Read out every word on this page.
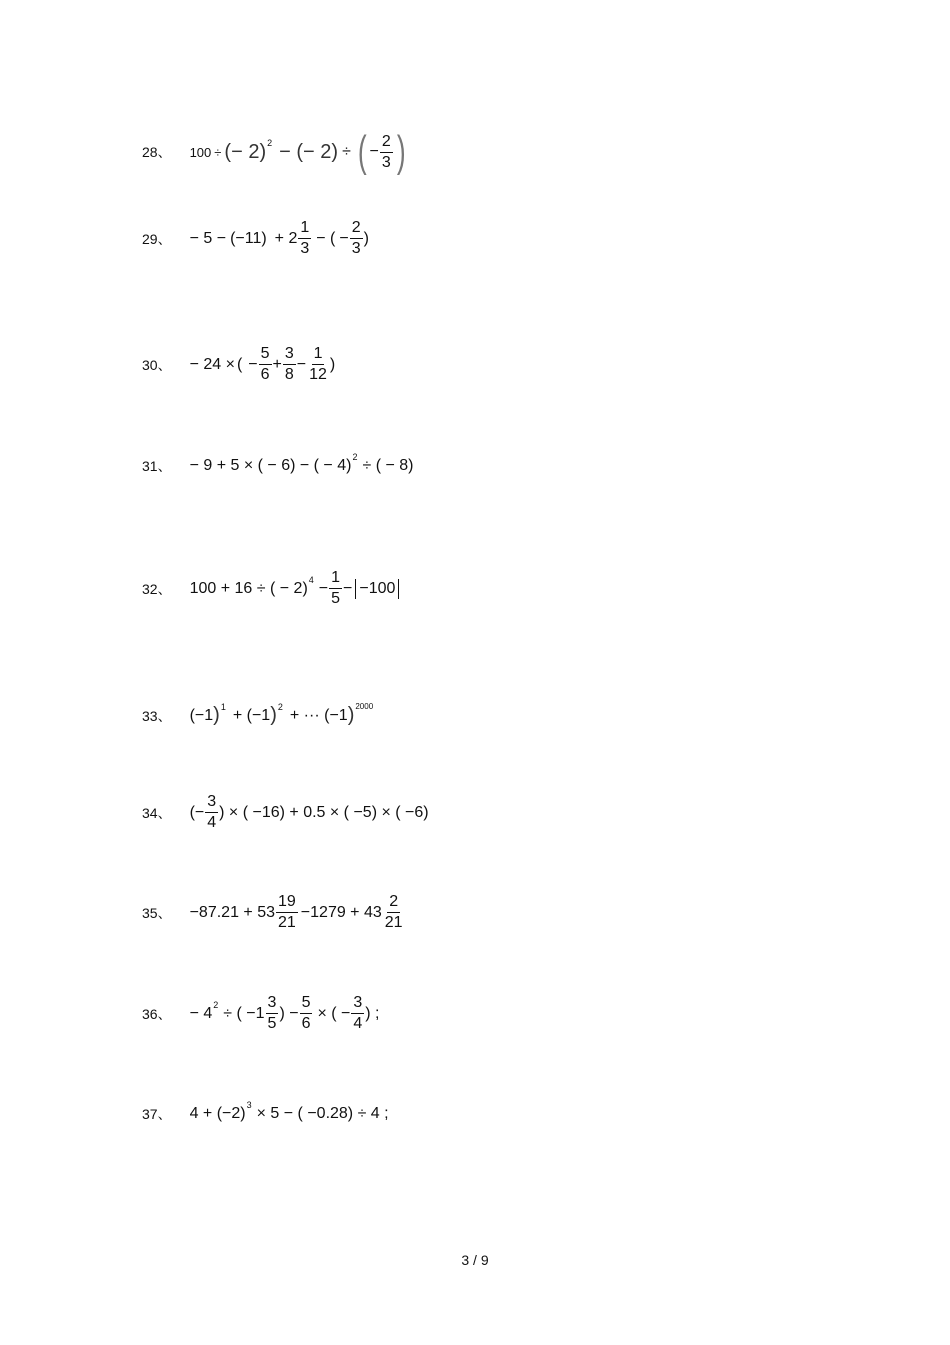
28、 100 ÷ ( − 2 ) 2 − ( − 2 ) ÷ ( − $\frac{2}{3}$ )
29、 − 5 − ( −11 ) + $2 \frac{1}{3}$ − ( − $\frac{2}{3}$ )
30、 − 24 × ( − $\frac{5}{6} + \frac{3}{8} - \frac{1}{12}$ )
31、 − 9 + 5 × ( − 6) − ( − 4) 2 ÷ ( − 8)
32、 100 + 16 ÷ ( − 2) $4 - \frac{1}{5} - -100$
33、 (−1 ) 1 + (−1 ) 2 + ··· (−1 ) 2000
34、 (− $\frac{3}{4}$ ) × ( −16) + 0.5 × ( −5) × ( −6)
35、 $-87.21 + 53 \frac{19}{21} -1279 + 43 \frac{2}{21}$
36、 − 4 2 ÷ ( $-1 \frac{3}{5}$ ) − $\frac{5}{6}$ × ( − $\frac{3}{4}$ ) ;
37、 4 + (−2) 3 × 5 − ( −0.28) ÷ 4 ;
3 / 9
